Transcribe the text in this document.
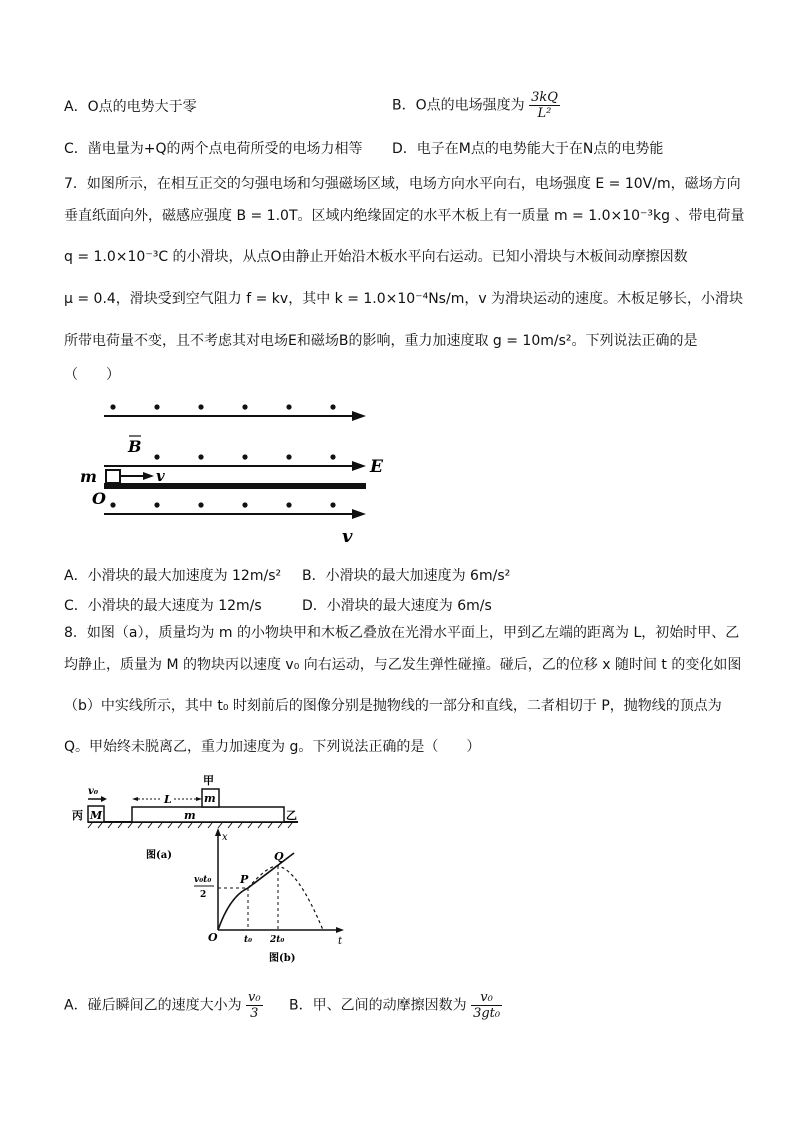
A．O点的电势大于零	B．O点的电场强度为 $\frac{3kQ}{\text{L²}}$
C．凿电量为+Q的两个点电荷所受的电场力相等 D．电子在M点的电势能大于在N点的电势能
7．如图所示，在相互正交的匀强电场和匀强磁场区域，电场方向水平向右，电场强度 E = 10V/m，磁场方向
垂直纸面向外，磁感应强度 B = 1.0T。区域内绝缘固定的水平木板上有一质量 m = 1.0×10⁻³kg 、带电荷量
q = 1.0×10⁻³C 的小滑块，从点O由静止开始沿木板水平向右运动。已知小滑块与木板间动摩擦因数
μ = 0.4，滑块受到空气阻力 f = kv，其中 k = 1.0×10⁻⁴Ns/m，v 为滑块运动的速度。木板足够长，小滑块
所带电荷量不变，且不考虑其对电场E和磁场B的影响，重力加速度取 g = 10m/s²。下列说法正确的是
（　　）
B
E
m	v
O
v
A．小滑块的最大加速度为 12m/s² B．小滑块的最大加速度为 6m/s²
C．小滑块的最大速度为 12m/s	D．小滑块的最大速度为 6m/s
8．如图（a），质量均为 m 的小物块甲和木板乙叠放在光滑水平面上，甲到乙左端的距离为 L，初始时甲、乙
均静止，质量为 M 的物块丙以速度 v₀ 向右运动，与乙发生弹性碰撞。碰后，乙的位移 x 随时间 t 的变化如图
（b）中实线所示，其中 t₀ 时刻前后的图像分别是抛物线的一部分和直线，二者相切于 P，抛物线的顶点为
Q。甲始终未脱离乙，重力加速度为 g。下列说法正确的是（　　）
M
丙
v₀
m	乙
m
甲
L
图(a)
x
t
O
P
Q
v₀t₀
2
t₀ 2t₀
图(b)
A．碰后瞬间乙的速度大小为 $\frac{\text{v₀}}{3}$ B．甲、乙间的动摩擦因数为 $\frac{\text{v₀}}{\text{3gt₀}}$
